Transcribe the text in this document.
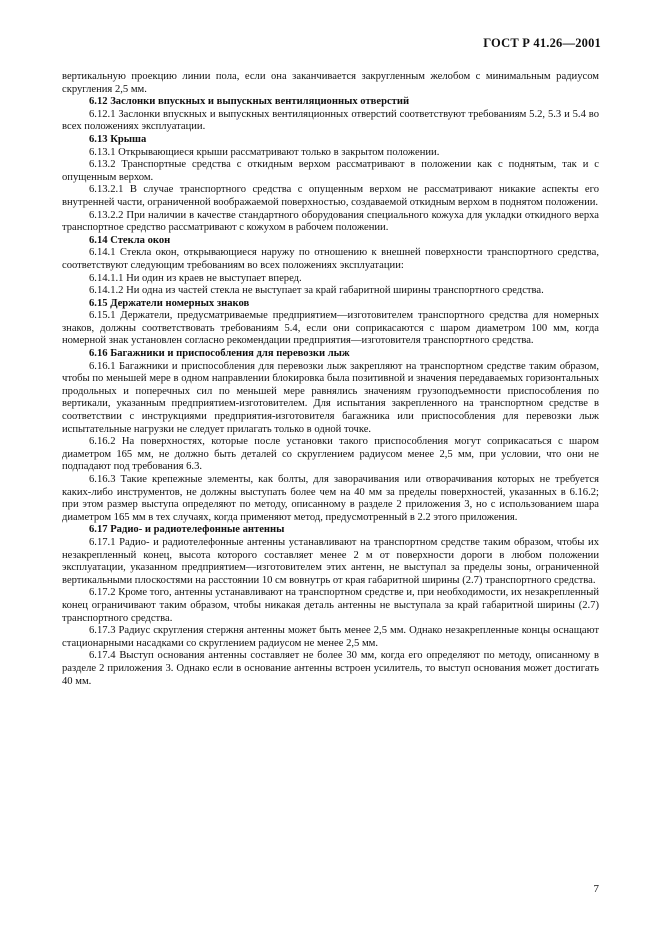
ГОСТ Р 41.26—2001

вертикальную проекцию линии пола, если она заканчивается закругленным желобом с минимальным радиусом скругления 2,5 мм.

6.12 Заслонки впускных и выпускных вентиляционных отверстий

6.12.1 Заслонки впускных и выпускных вентиляционных отверстий соответствуют требованиям 5.2, 5.3 и 5.4 во всех положениях эксплуатации.

6.13 Крыша

6.13.1 Открывающиеся крыши рассматривают только в закрытом положении.

6.13.2 Транспортные средства с откидным верхом рассматривают в положении как с поднятым, так и с опущенным верхом.

6.13.2.1 В случае транспортного средства с опущенным верхом не рассматривают никакие аспекты его внутренней части, ограниченной воображаемой поверхностью, создаваемой откидным верхом в поднятом положении.

6.13.2.2 При наличии в качестве стандартного оборудования специального кожуха для укладки откидного верха транспортное средство рассматривают с кожухом в рабочем положении.

6.14 Стекла окон

6.14.1 Стекла окон, открывающиеся наружу по отношению к внешней поверхности транспортного средства, соответствуют следующим требованиям во всех положениях эксплуатации:

6.14.1.1 Ни один из краев не выступает вперед.

6.14.1.2 Ни одна из частей стекла не выступает за край габаритной ширины транспортного средства.

6.15 Держатели номерных знаков

6.15.1 Держатели, предусматриваемые предприятием—изготовителем транспортного средства для номерных знаков, должны соответствовать требованиям 5.4, если они соприкасаются с шаром диаметром 100 мм, когда номерной знак установлен согласно рекомендации предприятия—изготовителя транспортного средства.

6.16 Багажники и приспособления для перевозки лыж

6.16.1 Багажники и приспособления для перевозки лыж закрепляют на транспортном средстве таким образом, чтобы по меньшей мере в одном направлении блокировка была позитивной и значения передаваемых горизонтальных продольных и поперечных сил по меньшей мере равнялись значениям грузоподъемности приспособления по вертикали, указанным предприятием-изготовителем. Для испытания закрепленного на транспортном средстве в соответствии с инструкциями предприятия-изготовителя багажника или приспособления для перевозки лыж испытательные нагрузки не следует прилагать только в одной точке.

6.16.2 На поверхностях, которые после установки такого приспособления могут соприкасаться с шаром диаметром 165 мм, не должно быть деталей со скруглением радиусом менее 2,5 мм, при условии, что они не подпадают под требования 6.3.

6.16.3 Такие крепежные элементы, как болты, для заворачивания или отворачивания которых не требуется каких-либо инструментов, не должны выступать более чем на 40 мм за пределы поверхностей, указанных в 6.16.2; при этом размер выступа определяют по методу, описанному в разделе 2 приложения 3, но с использованием шара диаметром 165 мм в тех случаях, когда применяют метод, предусмотренный в 2.2 этого приложения.

6.17 Радио- и радиотелефонные антенны

6.17.1 Радио- и радиотелефонные антенны устанавливают на транспортном средстве таким образом, чтобы их незакрепленный конец, высота которого составляет менее 2 м от поверхности дороги в любом положении эксплуатации, указанном предприятием—изготовителем этих антенн, не выступал за пределы зоны, ограниченной вертикальными плоскостями на расстоянии 10 см вовнутрь от края габаритной ширины (2.7) транспортного средства.

6.17.2 Кроме того, антенны устанавливают на транспортном средстве и, при необходимости, их незакрепленный конец ограничивают таким образом, чтобы никакая деталь антенны не выступала за край габаритной ширины (2.7) транспортного средства.

6.17.3 Радиус скругления стержня антенны может быть менее 2,5 мм. Однако незакрепленные концы оснащают стационарными насадками со скруглением радиусом не менее 2,5 мм.

6.17.4 Выступ основания антенны составляет не более 30 мм, когда его определяют по методу, описанному в разделе 2 приложения 3. Однако если в основание антенны встроен усилитель, то выступ основания может достигать 40 мм.

7
